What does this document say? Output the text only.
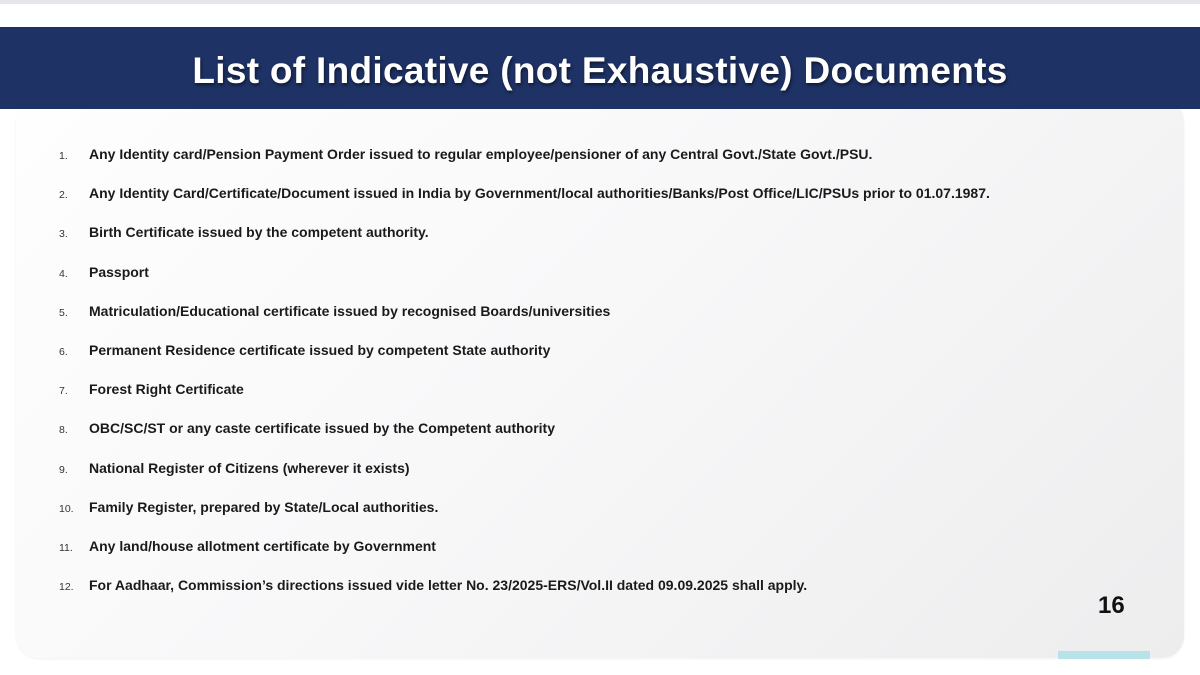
List of Indicative (not Exhaustive) Documents
1.	Any Identity card/Pension Payment Order issued to regular employee/pensioner of any Central Govt./State Govt./PSU.
2.	Any Identity Card/Certificate/Document issued in India by Government/local authorities/Banks/Post Office/LIC/PSUs prior to 01.07.1987.
3.	Birth Certificate issued by the competent authority.
4.	Passport
5.	Matriculation/Educational certificate issued by recognised Boards/universities
6.	Permanent Residence certificate issued by competent State authority
7.	Forest Right Certificate
8.	OBC/SC/ST or any caste certificate issued by the Competent authority
9.	National Register of Citizens (wherever it exists)
10.	Family Register, prepared by State/Local authorities.
11.	Any land/house allotment certificate by Government
12.	For Aadhaar, Commission’s directions issued vide letter No. 23/2025-ERS/Vol.II dated 09.09.2025 shall apply.
16
